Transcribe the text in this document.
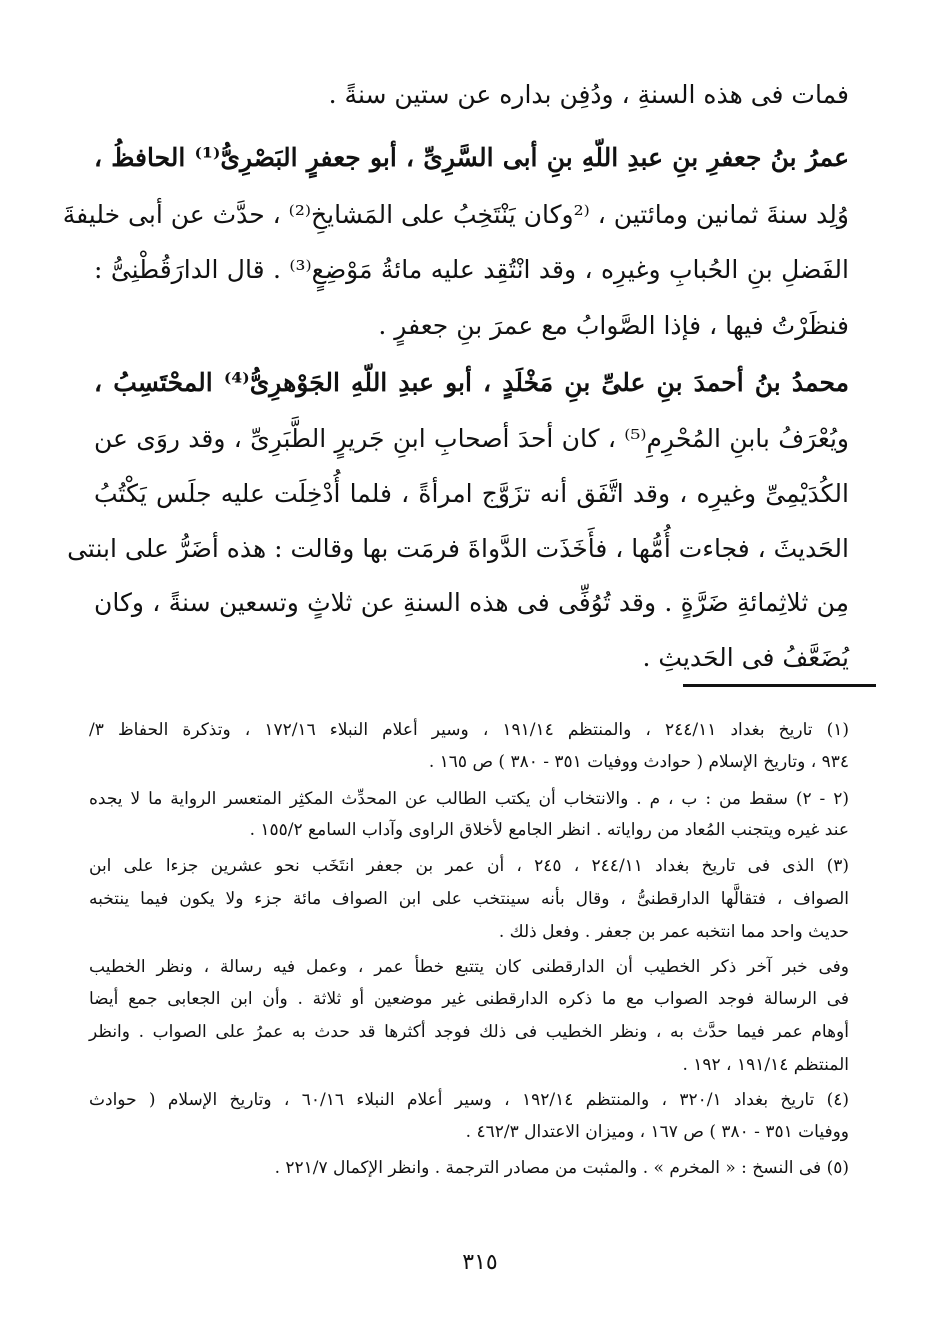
فمات فى هذه السنةِ ، ودُفِن بداره عن ستين سنةً .
عمرُ بنُ جعفرِ بنِ عبدِ اللّهِ بنِ أبى السَّرِىِّ ، أبو جعفرٍ البَصْرِىُّ⁽¹⁾ الحافظُ ،
وُلِد سنةَ ثمانين ومائتين ، ⁽²وكان يَنْتَخِبُ على المَشايخِ⁽²⁾ ، حدَّث عن أبى خليفةَ
الفَضلِ بنِ الحُبابِ وغيرِه ، وقد انْتُقِد عليه مائةُ مَوْضِعٍ⁽³⁾ . قال الدارَقُطْنِىُّ :
فنظَرْتُ فيها ، فإذا الصَّوابُ مع عمرَ بنِ جعفرٍ .
محمدُ بنُ أحمدَ بنِ علىِّ بنِ مَخْلَدٍ ، أبو عبدِ اللّهِ الجَوْهرِىُّ⁽⁴⁾ المحْتَسِبُ ،
ويُعْرَفُ بابنِ المُحْرِمِ⁽⁵⁾ ، كان أحدَ أصحابِ ابنِ جَريرٍ الطَّبَرِىِّ ، وقد روَى عن
الكُدَيْمِىِّ وغيرِه ، وقد اتَّفَق أنه تزَوَّج امرأةً ، فلما أُدْخِلَت عليه جلَس يَكْتُبُ
الحَديثَ ، فجاءت أُمُّها ، فأَخَذَت الدَّواةَ فرمَت بها وقالت : هذه أضَرُّ على ابنتى
مِن ثلاثِمائةِ ضَرَّةٍ . وقد تُوُفِّى فى هذه السنةِ عن ثلاثٍ وتسعين سنةً ، وكان
يُضَعَّفُ فى الحَديثِ .
(١) تاريخ بغداد ٢٤٤/١١ ، والمنتظم ١٩١/١٤ ، وسير أعلام النبلاء ١٧٢/١٦ ، وتذكرة الحفاظ ٣/
٩٣٤ ، وتاريخ الإسلام ( حوادث ووفيات ٣٥١ - ٣٨٠ ) ص ١٦٥ .
(٢ - ٢) سقط من : ب ، م . والانتخاب أن يكتب الطالب عن المحدِّث المكثِر المتعسر الرواية ما لا يجده
عند غيره ويتجنب المُعاد من رواياته . انظر الجامع لأخلاق الراوى وآداب السامع ١٥٥/٢ .
(٣) الذى فى تاريخ بغداد ٢٤٤/١١ ، ٢٤٥ ، أن عمر بن جعفر انتَخَب نحو عشرين جزءا على ابن
الصواف ، فتقالَّها الدارقطنىُّ ، وقال بأنه سينتخب على ابن الصواف مائة جزء ولا يكون فيما ينتخبه
حديث واحد مما انتخبه عمر بن جعفر . وفعل ذلك .
وفى خبر آخر ذكر الخطيب أن الدارقطنى كان يتتبع خطأ عمر ، وعمل فيه رسالة ، ونظر الخطيب
فى الرسالة فوجد الصواب مع ما ذكره الدارقطنى غير موضعين أو ثلاثة . وأن ابن الجعابى جمع أيضا
أوهام عمر فيما حدَّث به ، ونظر الخطيب فى ذلك فوجد أكثرها قد حدث به عمرُ على الصواب . وانظر
المنتظم ١٩١/١٤ ، ١٩٢ .
(٤) تاريخ بغداد ٣٢٠/١ ، والمنتظم ١٩٢/١٤ ، وسير أعلام النبلاء ٦٠/١٦ ، وتاريخ الإسلام ( حوادث
ووفيات ٣٥١ - ٣٨٠ ) ص ١٦٧ ، وميزان الاعتدال ٤٦٢/٣ .
(٥) فى النسخ : « المخرم » . والمثبت من مصادر الترجمة . وانظر الإكمال ٢٢١/٧ .
٣١٥
